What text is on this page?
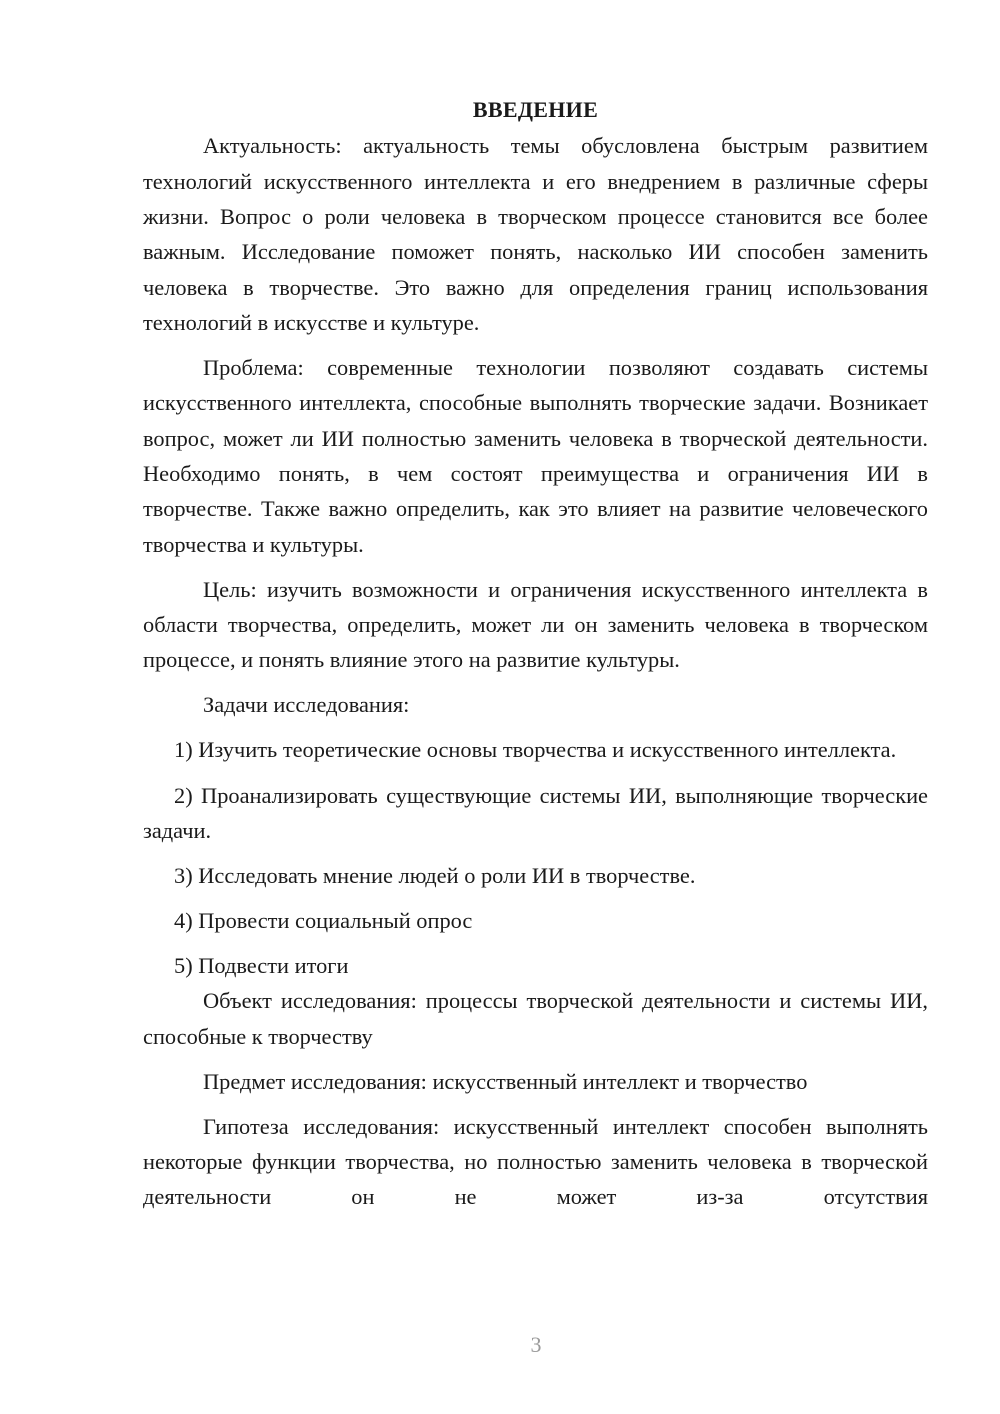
ВВЕДЕНИЕ

Актуальность: актуальность темы обусловлена быстрым развитием технологий искусственного интеллекта и его внедрением в различные сферы жизни. Вопрос о роли человека в творческом процессе становится все более важным. Исследование поможет понять, насколько ИИ способен заменить человека в творчестве. Это важно для определения границ использования технологий в искусстве и культуре.

Проблема: современные технологии позволяют создавать системы искусственного интеллекта, способные выполнять творческие задачи. Возникает вопрос, может ли ИИ полностью заменить человека в творческой деятельности. Необходимо понять, в чем состоят преимущества и ограничения ИИ в творчестве. Также важно определить, как это влияет на развитие человеческого творчества и культуры.

Цель: изучить возможности и ограничения искусственного интеллекта в области творчества, определить, может ли он заменить человека в творческом процессе, и понять влияние этого на развитие культуры.

Задачи исследования:

1) Изучить теоретические основы творчества и искусственного интеллекта.

2) Проанализировать существующие системы ИИ, выполняющие творческие задачи.

3) Исследовать мнение людей о роли ИИ в творчестве.

4) Провести социальный опрос

5) Подвести итоги

Объект исследования: процессы творческой деятельности и системы ИИ, способные к творчеству

Предмет исследования: искусственный интеллект и творчество

Гипотеза исследования: искусственный интеллект способен выполнять некоторые функции творчества, но полностью заменить человека в творческой деятельности он не может из-за отсутствия

3
